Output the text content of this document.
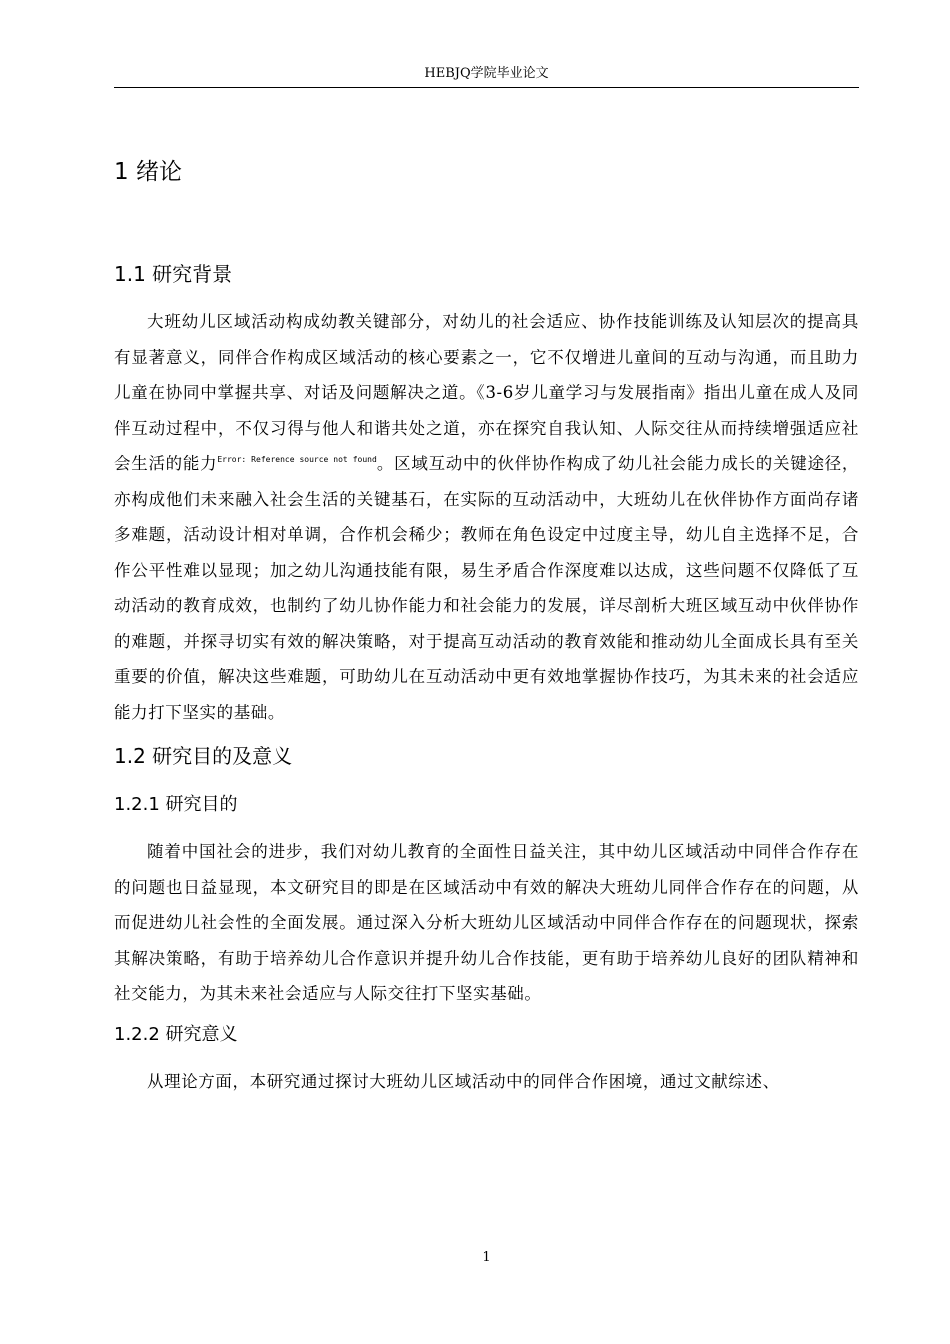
HEBJQ学院毕业论文
1 绪论
1.1 研究背景

大班幼儿区域活动构成幼教关键部分，对幼儿的社会适应、协作技能训练及认知层次的提高具有显著意义，同伴合作构成区域活动的核心要素之一，它不仅增进儿童间的互动与沟通，而且助力儿童在协同中掌握共享、对话及问题解决之道。《3-6岁儿童学习与发展指南》指出儿童在成人及同伴互动过程中，不仅习得与他人和谐共处之道，亦在探究自我认知、人际交往从而持续增强适应社会生活的能力$^{Error: Reference source not found}$。区域互动中的伙伴协作构成了幼儿社会能力成长的关键途径，亦构成他们未来融入社会生活的关键基石，在实际的互动活动中，大班幼儿在伙伴协作方面尚存诸多难题，活动设计相对单调，合作机会稀少；教师在角色设定中过度主导，幼儿自主选择不足，合作公平性难以显现；加之幼儿沟通技能有限，易生矛盾合作深度难以达成，这些问题不仅降低了互动活动的教育成效，也制约了幼儿协作能力和社会能力的发展，详尽剖析大班区域互动中伙伴协作的难题，并探寻切实有效的解决策略，对于提高互动活动的教育效能和推动幼儿全面成长具有至关重要的价值，解决这些难题，可助幼儿在互动活动中更有效地掌握协作技巧，为其未来的社会适应能力打下坚实的基础。

1.2 研究目的及意义
1.2.1 研究目的

随着中国社会的进步，我们对幼儿教育的全面性日益关注，其中幼儿区域活动中同伴合作存在的问题也日益显现，本文研究目的即是在区域活动中有效的解决大班幼儿同伴合作存在的问题，从而促进幼儿社会性的全面发展。通过深入分析大班幼儿区域活动中同伴合作存在的问题现状，探索其解决策略，有助于培养幼儿合作意识并提升幼儿合作技能，更有助于培养幼儿良好的团队精神和社交能力，为其未来社会适应与人际交往打下坚实基础。

1.2.2 研究意义

从理论方面，本研究通过探讨大班幼儿区域活动中的同伴合作困境，通过文献综述、

1
